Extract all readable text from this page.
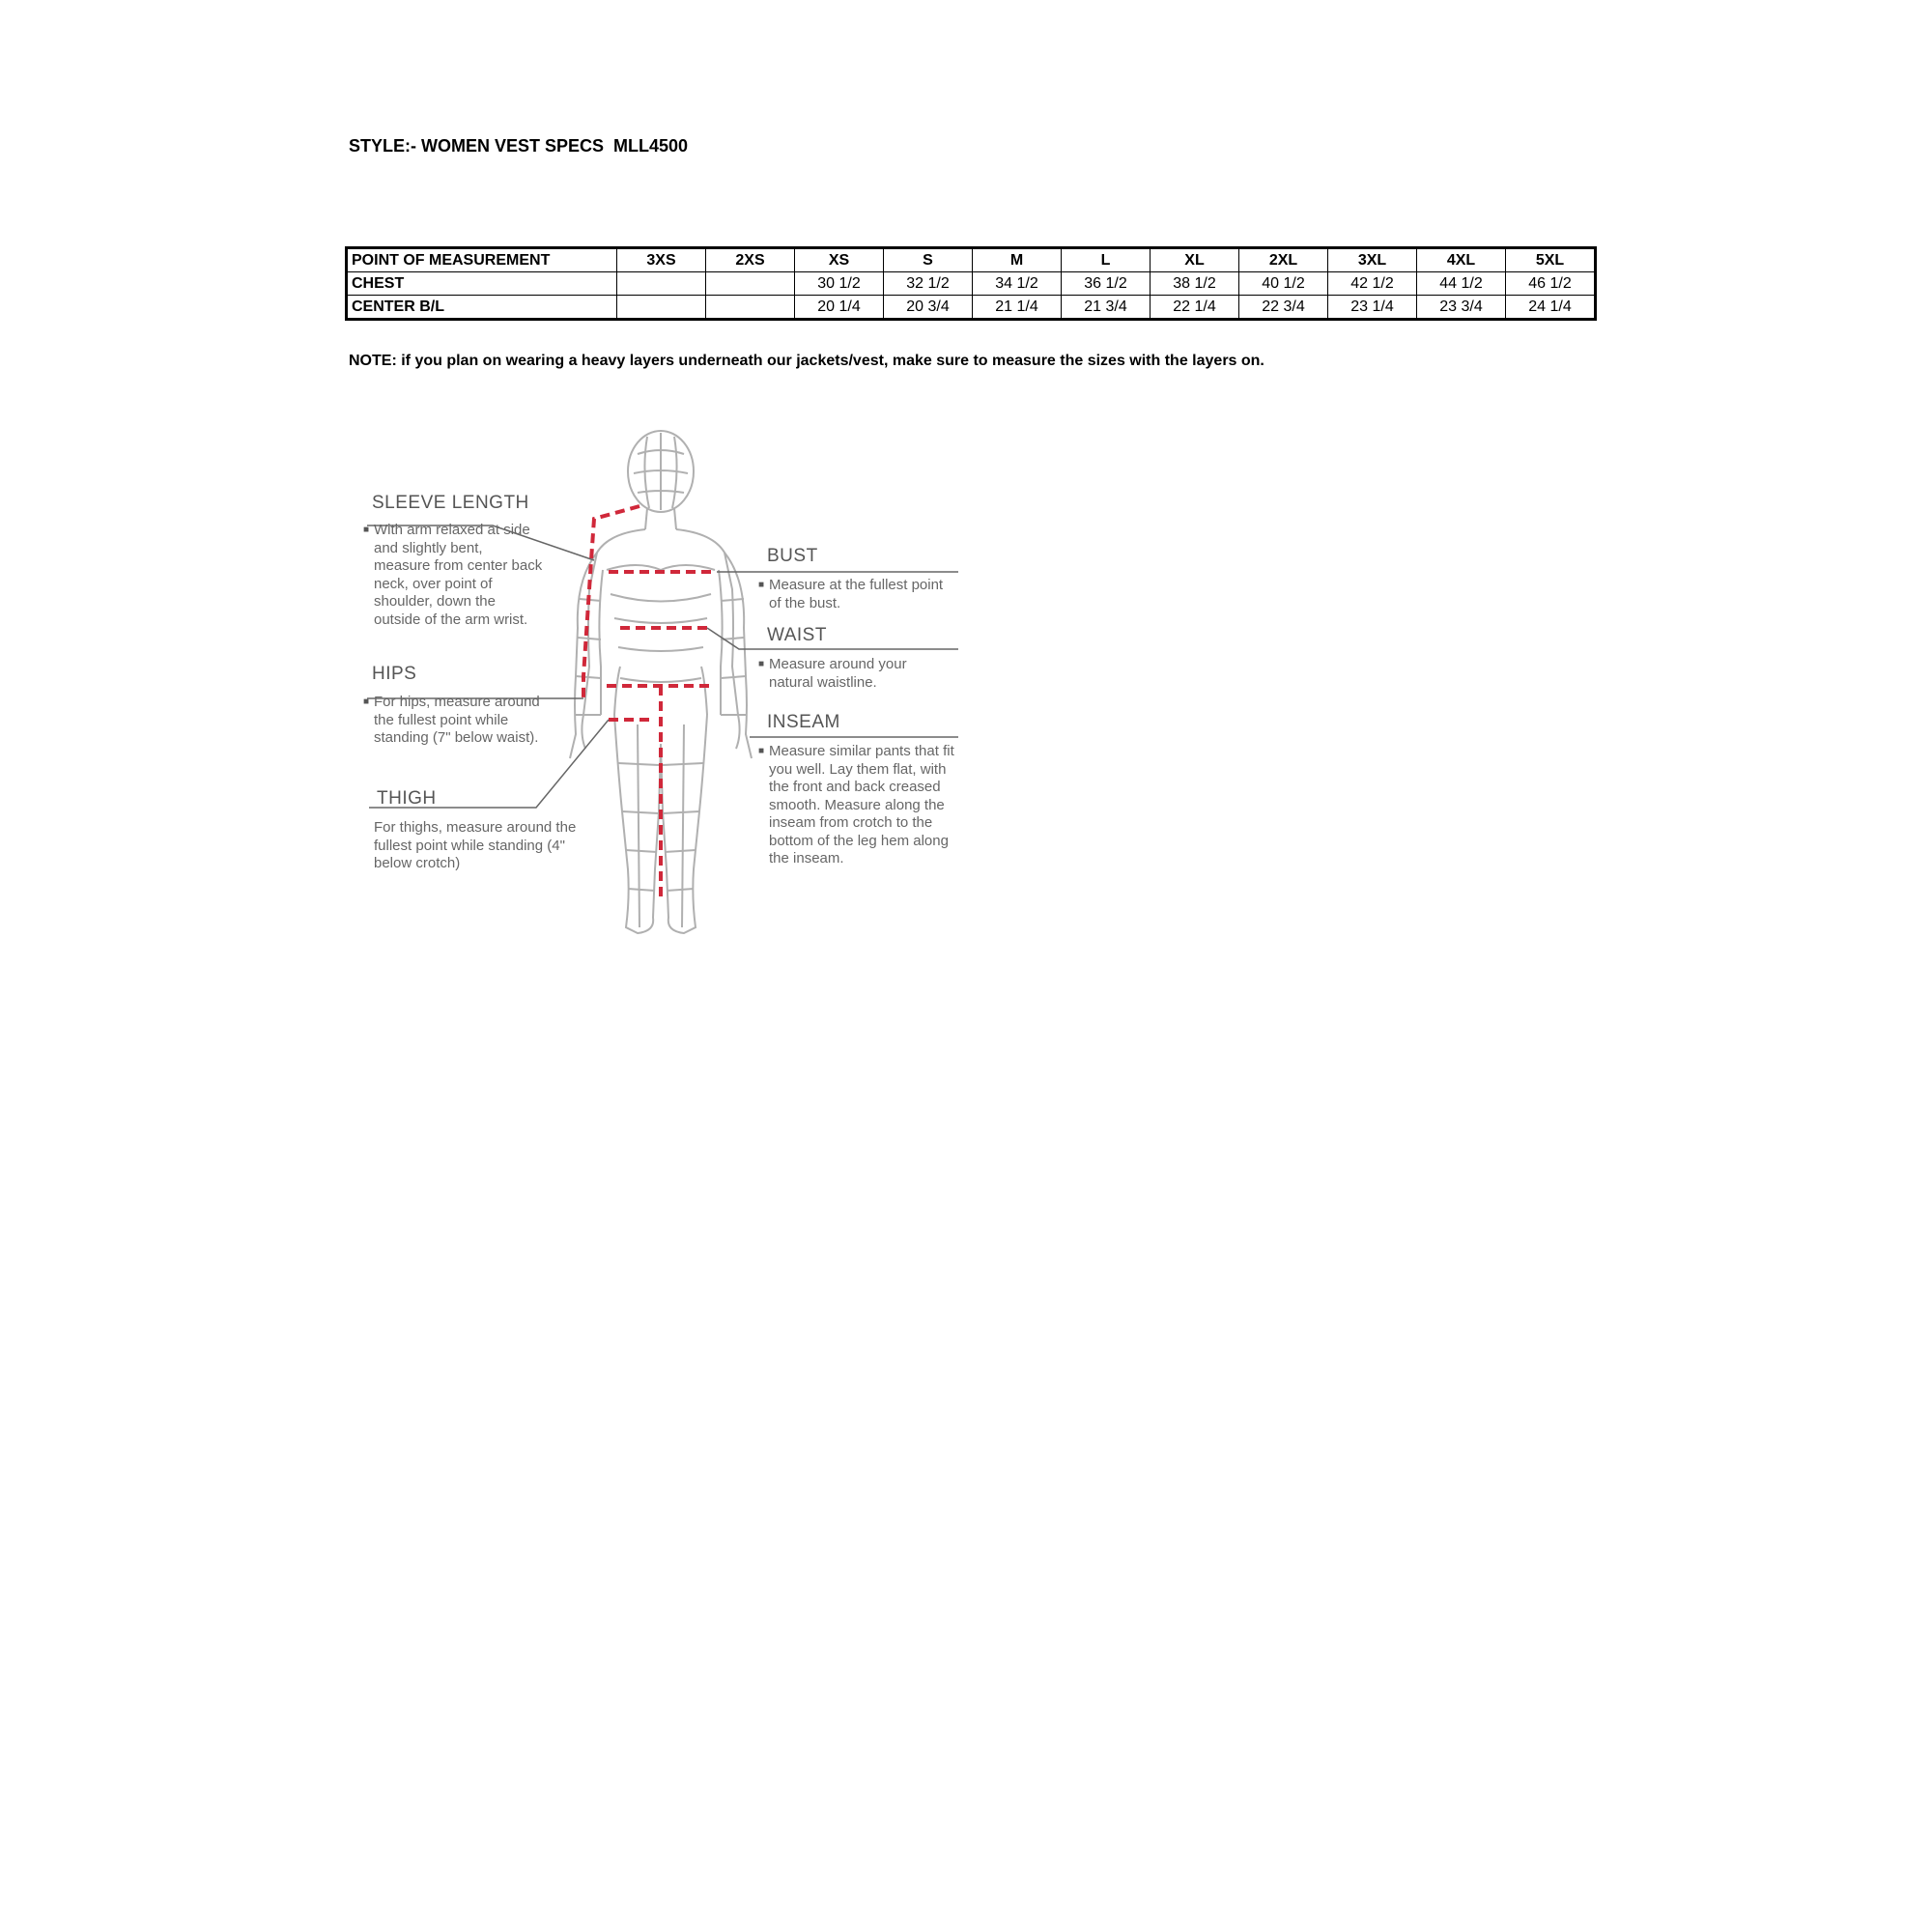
STYLE:- WOMEN VEST SPECS  MLL4500
POINT OF MEASUREMENT	3XS	2XS	XS	S	M	L	XL	2XL	3XL	4XL	5XL
CHEST			30 1/2	32 1/2	34 1/2	36 1/2	38 1/2	40 1/2	42 1/2	44 1/2	46 1/2
CENTER B/L			20 1/4	20 3/4	21 1/4	21 3/4	22 1/4	22 3/4	23 1/4	23 3/4	24 1/4
NOTE: if you plan on wearing a heavy layers underneath our jackets/vest, make sure to measure the sizes with the layers on.
SLEEVE LENGTH
■ With arm relaxed at side and slightly bent, measure from center back neck, over point of shoulder, down the outside of the arm wrist.
HIPS
■ For hips, measure around the fullest point while standing (7" below waist).
THIGH
For thighs, measure around the fullest point while standing (4" below crotch)
BUST
■ Measure at the fullest point of the bust.
WAIST
■ Measure around your natural waistline.
INSEAM
■ Measure similar pants that fit you well. Lay them flat, with the front and back creased smooth. Measure along the inseam from crotch to the bottom of the leg hem along the inseam.
